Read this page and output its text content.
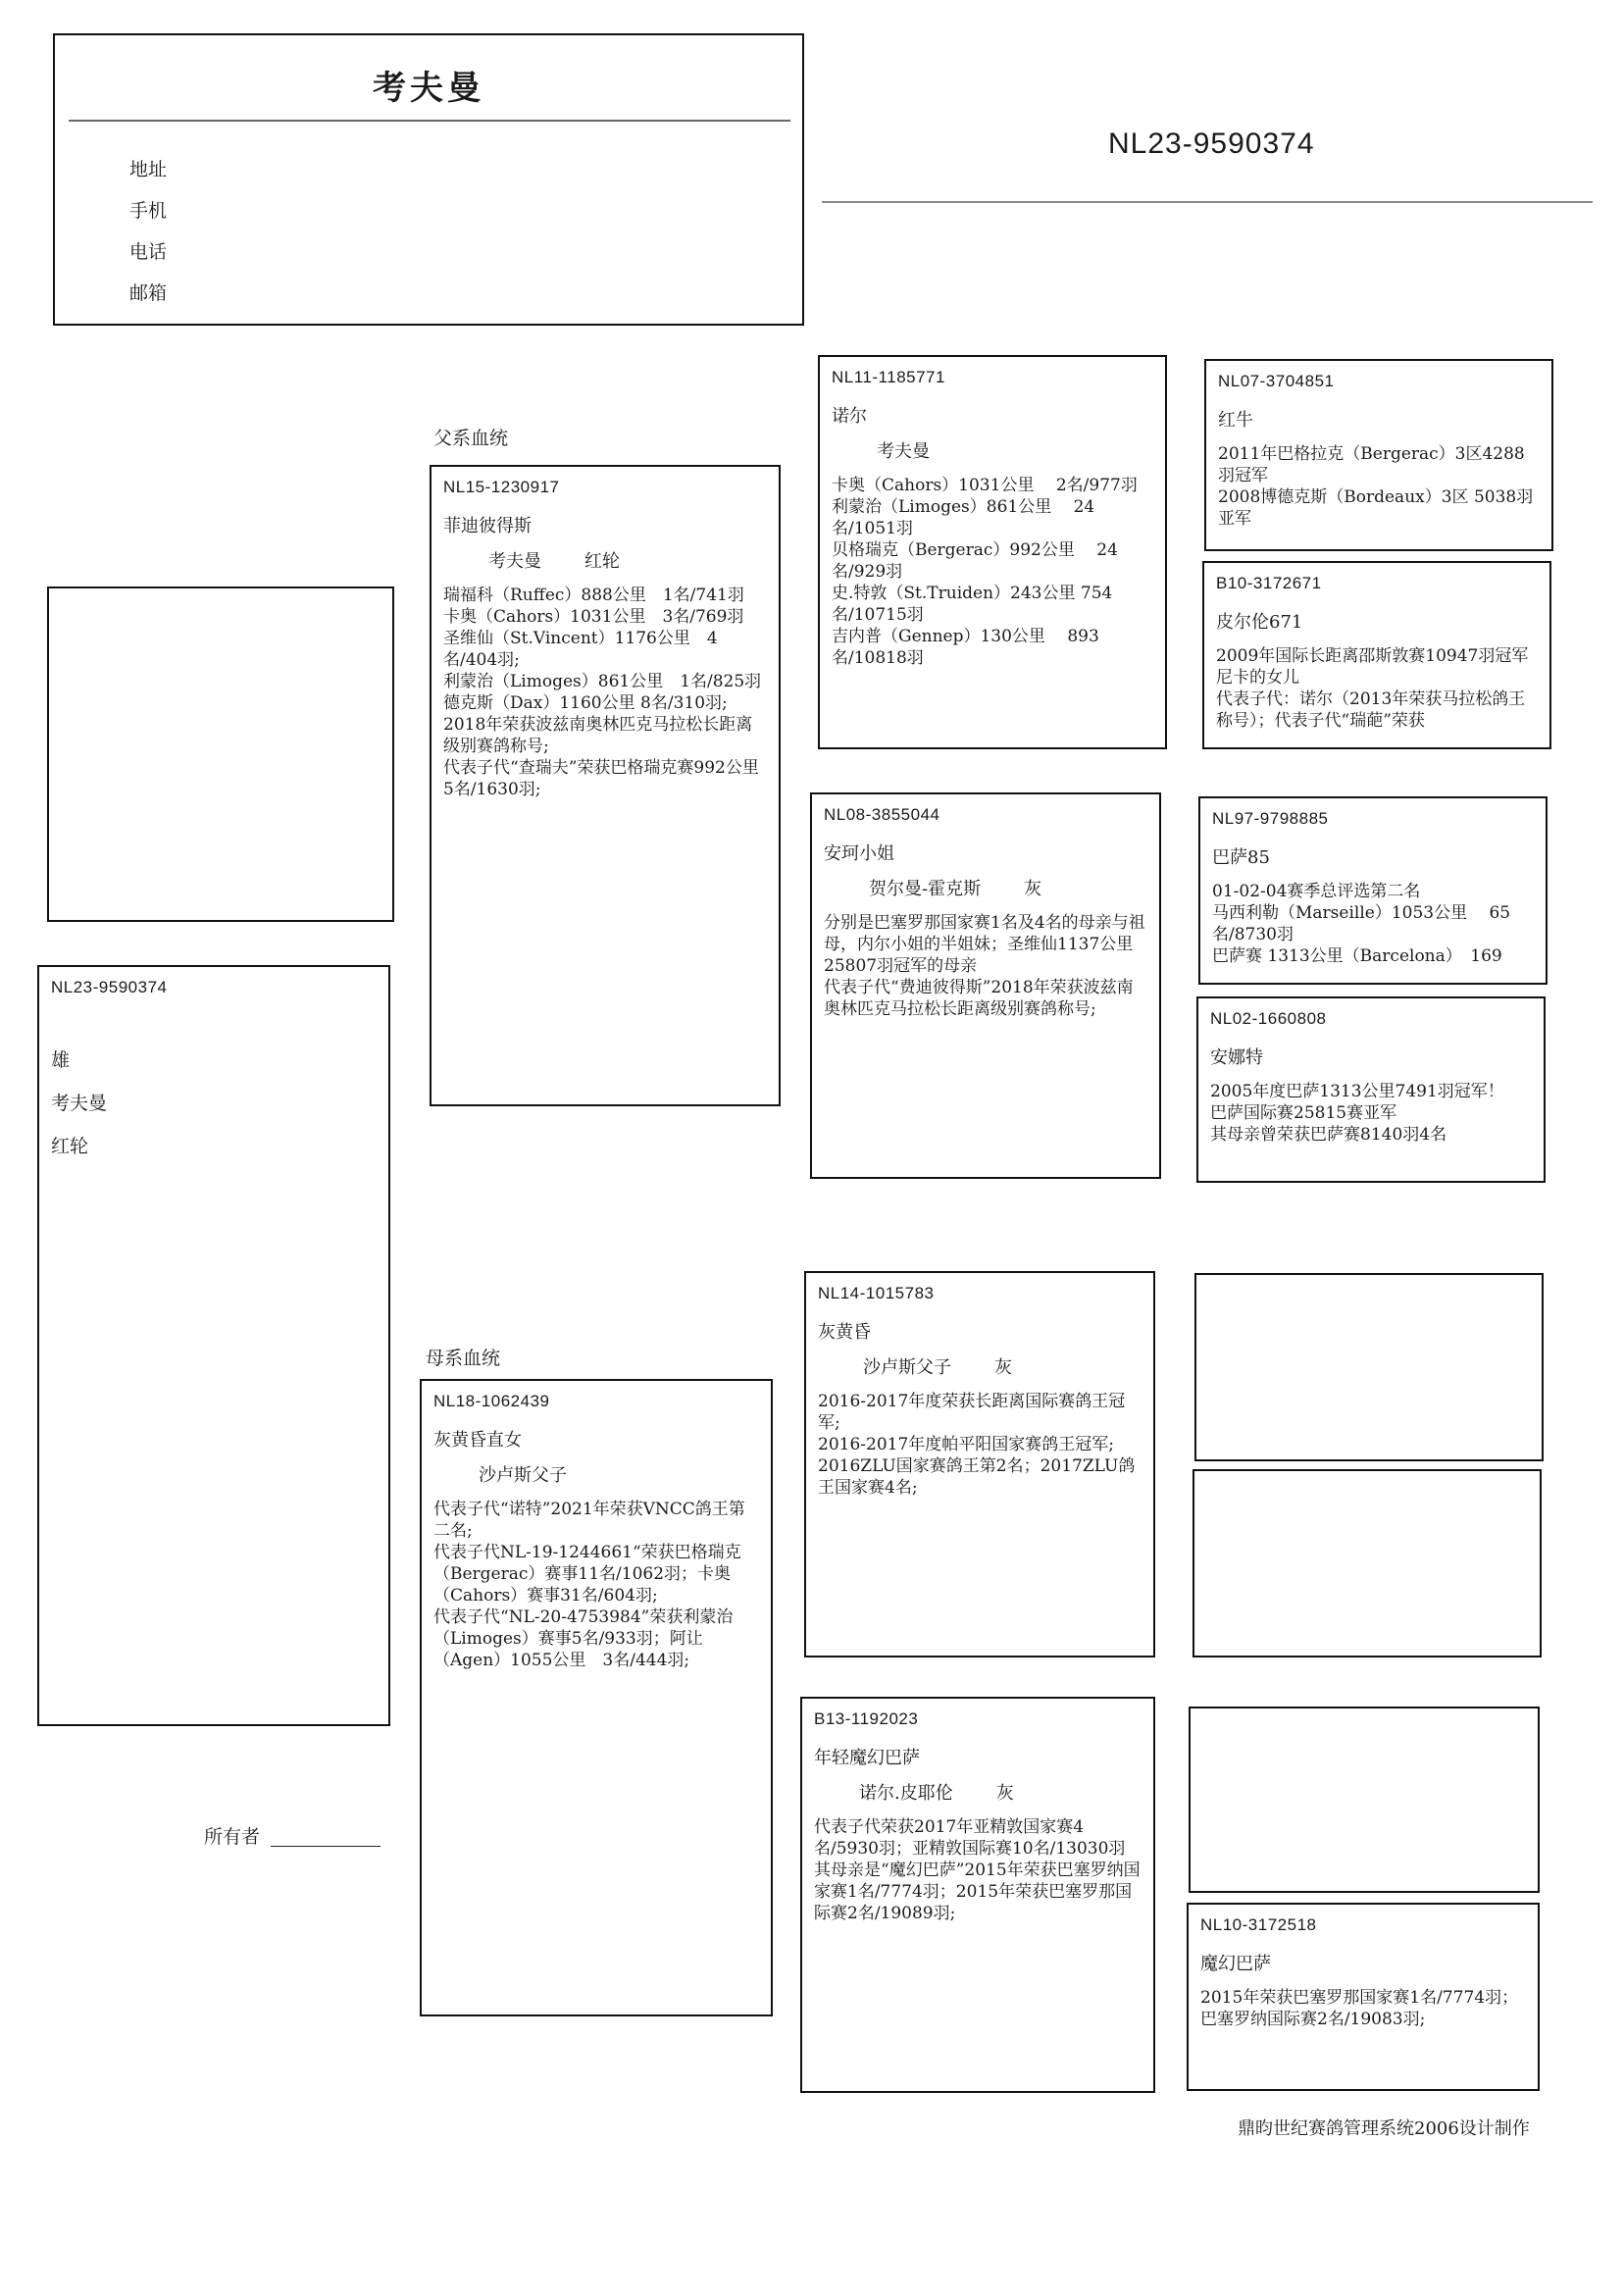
考夫曼
地址
手机
电话
邮箱
NL23-9590374
父系血统
母系血统
NL23-9590374
雄
考夫曼
红轮
NL15-1230917
菲迪彼得斯
考夫曼 红轮
瑞福科（Ruffec）888公里　1名/741羽
卡奥（Cahors）1031公里　3名/769羽
圣维仙（St.Vincent）1176公里　4名/404羽;
利蒙治（Limoges）861公里　1名/825羽
德克斯（Dax）1160公里 8名/310羽;
2018年荣获波兹南奥林匹克马拉松长距离级别赛鸽称号;
代表子代“查瑞夫”荣获巴格瑞克赛992公里5名/1630羽;
NL11-1185771
诺尔
考夫曼
卡奥（Cahors）1031公里　 2名/977羽
利蒙治（Limoges）861公里　 24名/1051羽
贝格瑞克（Bergerac）992公里　 24名/929羽
史.特敦（St.Truiden）243公里 754名/10715羽
吉内普（Gennep）130公里　 893名/10818羽
NL08-3855044
安珂小姐
贺尔曼-霍克斯 灰
分别是巴塞罗那国家赛1名及4名的母亲与祖母，内尔小姐的半姐妹；圣维仙1137公里25807羽冠军的母亲
代表子代“费迪彼得斯”2018年荣获波兹南奥林匹克马拉松长距离级别赛鸽称号;
NL07-3704851
红牛
2011年巴格拉克（Bergerac）3区4288羽冠军
2008博德克斯（Bordeaux）3区 5038羽 亚军
B10-3172671
皮尔伦671
2009年国际长距离邵斯敦赛10947羽冠军尼卡的女儿
代表子代：诺尔（2013年荣获马拉松鸽王称号）；代表子代“瑞葩”荣获
NL97-9798885
巴萨85
01-02-04赛季总评选第二名
马西利勒（Marseille）1053公里　 65名/8730羽
巴萨赛 1313公里（Barcelona）　169
NL02-1660808
安娜特
2005年度巴萨1313公里7491羽冠军！
巴萨国际赛25815赛亚军
其母亲曾荣获巴萨赛8140羽4名
NL18-1062439
灰黄昏直女
沙卢斯父子
代表子代“诺特”2021年荣获VNCC鸽王第二名;
代表子代NL-19-1244661“荣获巴格瑞克（Bergerac）赛事11名/1062羽；卡奥（Cahors）赛事31名/604羽;
代表子代“NL-20-4753984”荣获利蒙治（Limoges）赛事5名/933羽；阿让（Agen）1055公里　3名/444羽;
NL14-1015783
灰黄昏
沙卢斯父子 灰
2016-2017年度荣获长距离国际赛鸽王冠军;
2016-2017年度帕平阳国家赛鸽王冠军;
2016ZLU国家赛鸽王第2名；2017ZLU鸽王国家赛4名;
B13-1192023
年轻魔幻巴萨
诺尔.皮耶伦 灰
代表子代荣获2017年亚精敦国家赛4名/5930羽；亚精敦国际赛10名/13030羽
其母亲是“魔幻巴萨”2015年荣获巴塞罗纳国家赛1名/7774羽；2015年荣获巴塞罗那国际赛2名/19089羽;
NL10-3172518
魔幻巴萨
2015年荣获巴塞罗那国家赛1名/7774羽；巴塞罗纳国际赛2名/19083羽;
所有者
鼎昀世纪赛鸽管理系统2006设计制作
